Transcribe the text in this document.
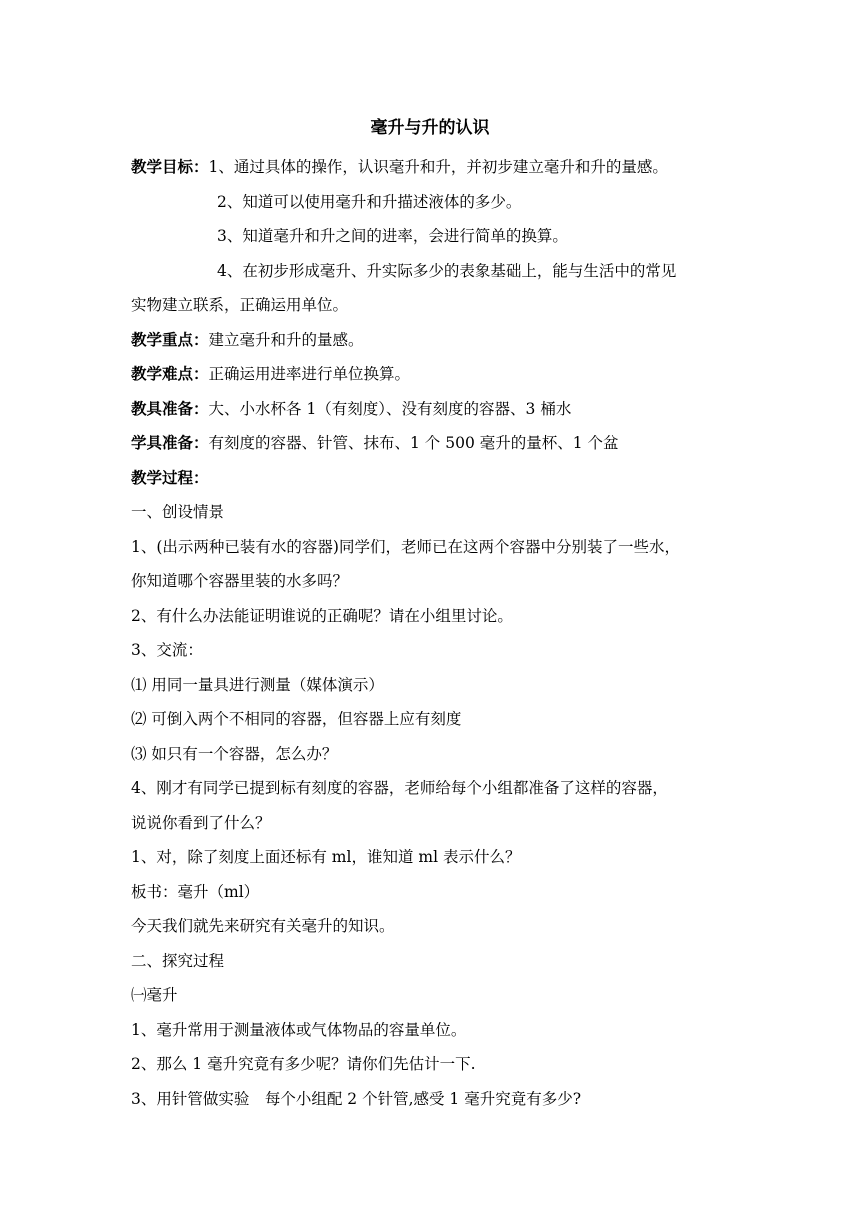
毫升与升的认识
教学目标：1、通过具体的操作，认识毫升和升，并初步建立毫升和升的量感。
2、知道可以使用毫升和升描述液体的多少。
3、知道毫升和升之间的进率，会进行简单的换算。
4、在初步形成毫升、升实际多少的表象基础上，能与生活中的常见
实物建立联系，正确运用单位。
教学重点：建立毫升和升的量感。
教学难点：正确运用进率进行单位换算。
教具准备：大、小水杯各 1（有刻度）、没有刻度的容器、3 桶水
学具准备：有刻度的容器、针管、抹布、1 个 500 毫升的量杯、1 个盆
教学过程：
一、创设情景
1、(出示两种已装有水的容器)同学们，老师已在这两个容器中分别装了一些水，
你知道哪个容器里装的水多吗？
2、有什么办法能证明谁说的正确呢？请在小组里讨论。
3、交流：
⑴ 用同一量具进行测量（媒体演示）
⑵ 可倒入两个不相同的容器，但容器上应有刻度
⑶ 如只有一个容器，怎么办？
4、刚才有同学已提到标有刻度的容器，老师给每个小组都准备了这样的容器，
说说你看到了什么？
1、对，除了刻度上面还标有 ml，谁知道 ml 表示什么？
板书：毫升（ml）
今天我们就先来研究有关毫升的知识。
二、探究过程
㈠毫升
1、毫升常用于测量液体或气体物品的容量单位。
2、那么 1 毫升究竟有多少呢？请你们先估计一下.
3、用针管做实验　每个小组配 2 个针管,感受 1 毫升究竟有多少?
